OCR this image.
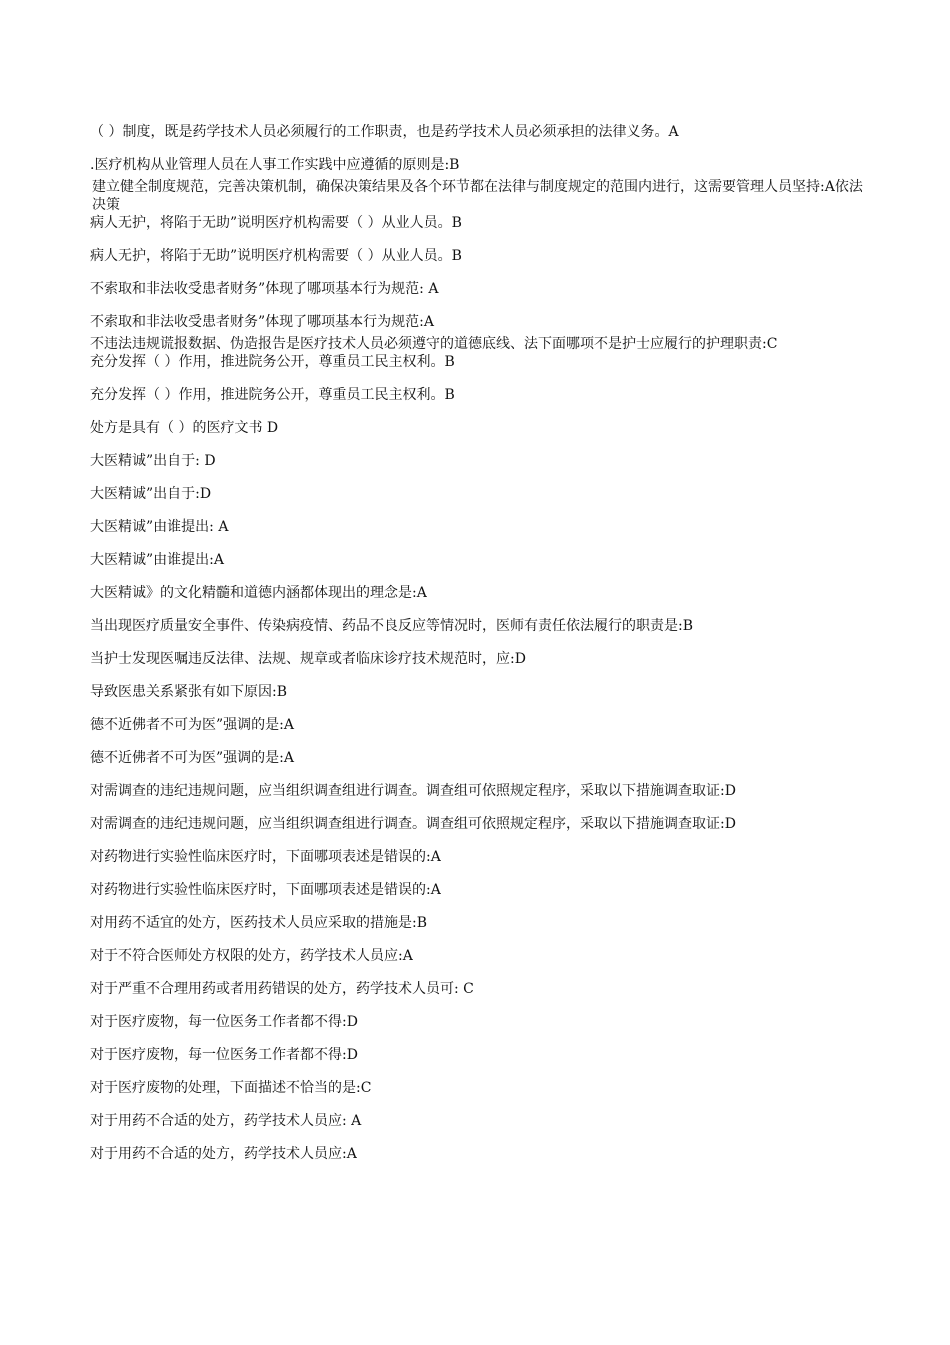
（ ）制度，既是药学技术人员必须履行的工作职责，也是药学技术人员必须承担的法律义务。A

.医疗机构从业管理人员在人事工作实践中应遵循的原则是:B

建立健全制度规范，完善决策机制，确保决策结果及各个环节都在法律与制度规定的范围内进行，这需要管理人员坚持:A依法决策

病人无护，将陷于无助”说明医疗机构需要（ ）从业人员。B

病人无护，将陷于无助”说明医疗机构需要（ ）从业人员。B

不索取和非法收受患者财务”体现了哪项基本行为规范: A

不索取和非法收受患者财务”体现了哪项基本行为规范:A

不违法违规谎报数据、伪造报告是医疗技术人员必须遵守的道德底线、法下面哪项不是护士应履行的护理职责:C

充分发挥（ ）作用，推进院务公开，尊重员工民主权利。B

充分发挥（ ）作用，推进院务公开，尊重员工民主权利。B

处方是具有（ ）的医疗文书 D

大医精诚”出自于: D

大医精诚”出自于:D

大医精诚”由谁提出: A

大医精诚”由谁提出:A

大医精诚》的文化精髓和道德内涵都体现出的理念是:A

当出现医疗质量安全事件、传染病疫情、药品不良反应等情况时，医师有责任依法履行的职责是:B

当护士发现医嘱违反法律、法规、规章或者临床诊疗技术规范时，应:D

导致医患关系紧张有如下原因:B

德不近佛者不可为医”强调的是:A

德不近佛者不可为医”强调的是:A

对需调查的违纪违规问题，应当组织调查组进行调查。调查组可依照规定程序，采取以下措施调查取证:D

对需调查的违纪违规问题，应当组织调查组进行调查。调查组可依照规定程序，采取以下措施调查取证:D

对药物进行实验性临床医疗时，下面哪项表述是错误的:A

对药物进行实验性临床医疗时，下面哪项表述是错误的:A

对用药不适宜的处方，医药技术人员应采取的措施是:B

对于不符合医师处方权限的处方，药学技术人员应:A

对于严重不合理用药或者用药错误的处方，药学技术人员可: C

对于医疗废物，每一位医务工作者都不得:D

对于医疗废物，每一位医务工作者都不得:D

对于医疗废物的处理，下面描述不恰当的是:C

对于用药不合适的处方，药学技术人员应: A

对于用药不合适的处方，药学技术人员应:A
